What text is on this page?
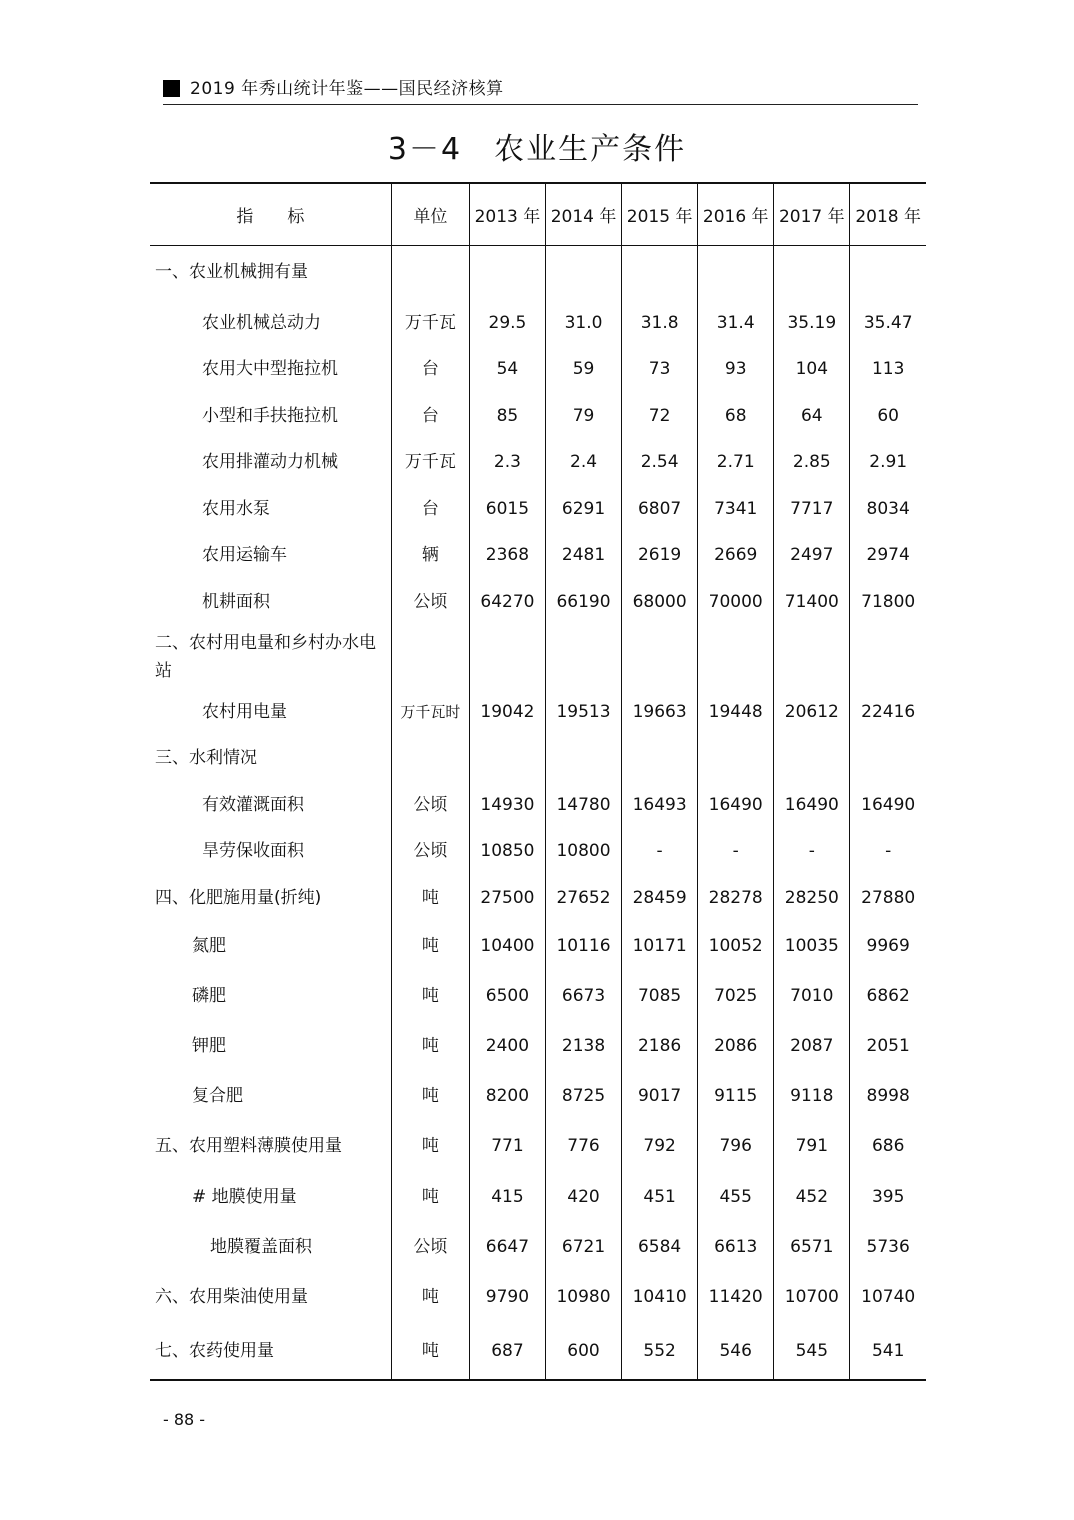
2019 年秀山统计年鉴——国民经济核算
3－4　农业生产条件
指　　标	单位	2013 年	2014 年	2015 年	2016 年	2017 年	2018 年
一、农业机械拥有量							
农业机械总动力	万千瓦	29.5	31.0	31.8	31.4	35.19	35.47
农用大中型拖拉机	台	54	59	73	93	104	113
小型和手扶拖拉机	台	85	79	72	68	64	60
农用排灌动力机械	万千瓦	2.3	2.4	2.54	2.71	2.85	2.91
农用水泵	台	6015	6291	6807	7341	7717	8034
农用运输车	辆	2368	2481	2619	2669	2497	2974
机耕面积	公顷	64270	66190	68000	70000	71400	71800
二、农村用电量和乡村办水电站							
农村用电量	万千瓦时	19042	19513	19663	19448	20612	22416
三、水利情况							
有效灌溉面积	公顷	14930	14780	16493	16490	16490	16490
旱劳保收面积	公顷	10850	10800	-	-	-	-
四、化肥施用量(折纯)	吨	27500	27652	28459	28278	28250	27880
氮肥	吨	10400	10116	10171	10052	10035	9969
磷肥	吨	6500	6673	7085	7025	7010	6862
钾肥	吨	2400	2138	2186	2086	2087	2051
复合肥	吨	8200	8725	9017	9115	9118	8998
五、农用塑料薄膜使用量	吨	771	776	792	796	791	686
# 地膜使用量	吨	415	420	451	455	452	395
地膜覆盖面积	公顷	6647	6721	6584	6613	6571	5736
六、农用柴油使用量	吨	9790	10980	10410	11420	10700	10740
七、农药使用量	吨	687	600	552	546	545	541
- 88 -
